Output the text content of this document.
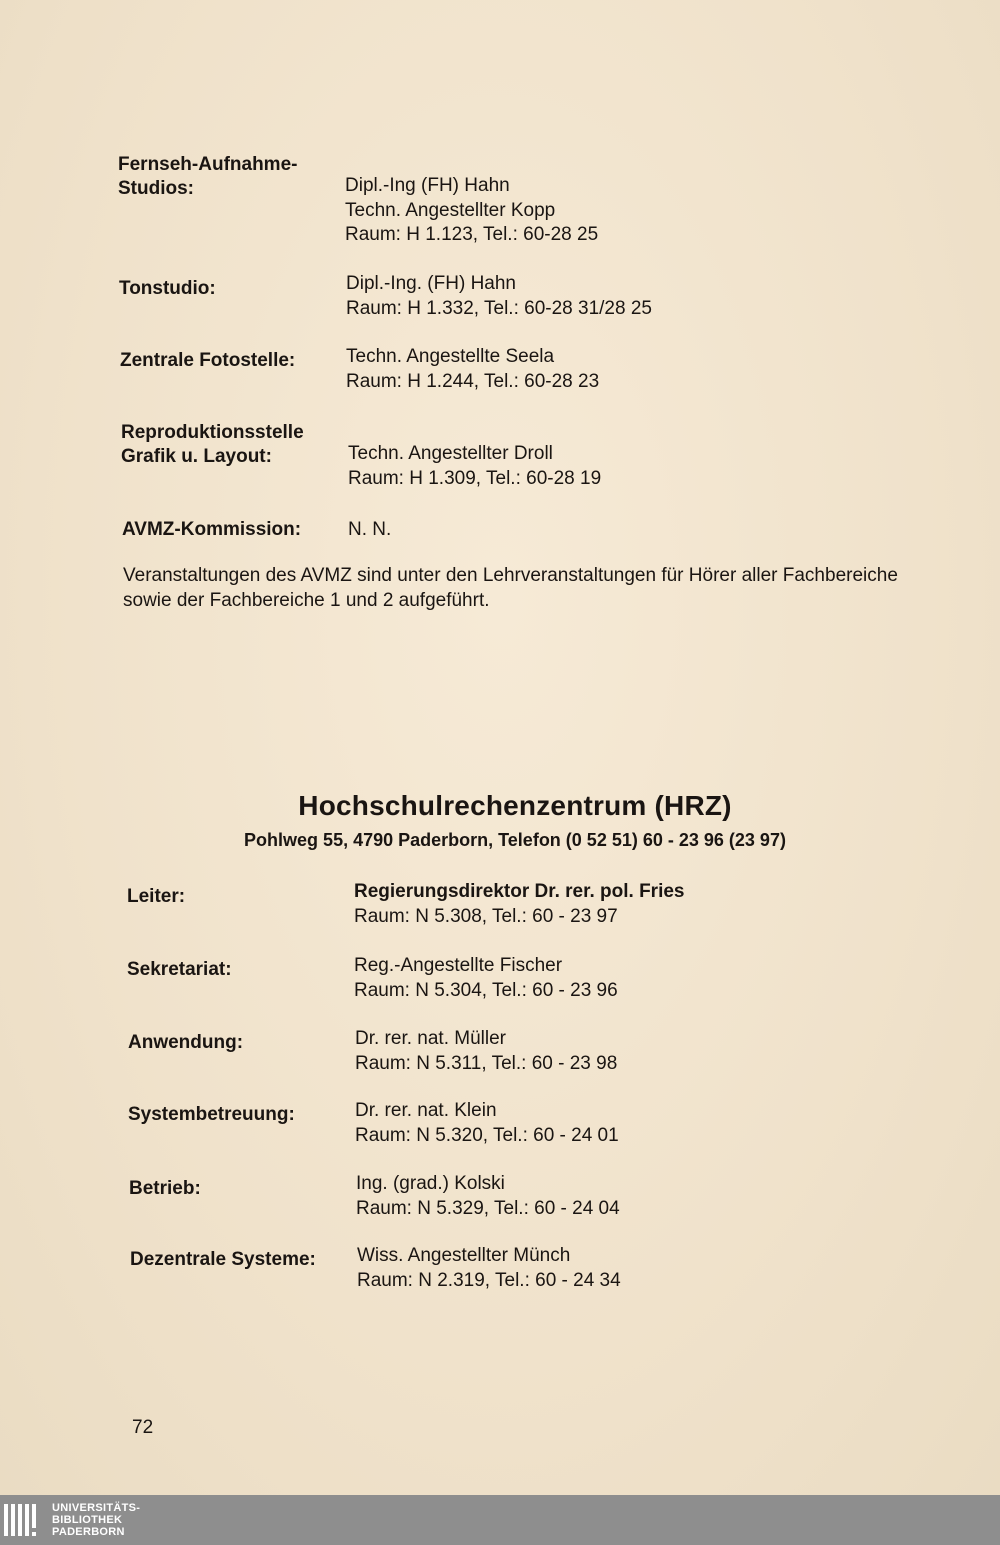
Fernseh-Aufnahme-
Studios:	Dipl.-Ing (FH) Hahn
Techn. Angestellter Kopp
Raum: H 1.123, Tel.: 60-28 25
Tonstudio:	Dipl.-Ing. (FH) Hahn
Raum: H 1.332, Tel.: 60-28 31/28 25
Zentrale Fotostelle:	Techn. Angestellte Seela
Raum: H 1.244, Tel.: 60-28 23
Reproduktionsstelle
Grafik u. Layout:	Techn. Angestellter Droll
Raum: H 1.309, Tel.: 60-28 19
AVMZ-Kommission: N. N.
Veranstaltungen des AVMZ sind unter den Lehrveranstaltungen für Hörer aller Fachbereiche sowie der Fachbereiche 1 und 2 aufgeführt.
Hochschulrechenzentrum (HRZ)
Pohlweg 55, 4790 Paderborn, Telefon (0 52 51) 60 - 23 96 (23 97)
Leiter:	Regierungsdirektor Dr. rer. pol. Fries
Raum: N 5.308, Tel.: 60 - 23 97
Sekretariat:	Reg.-Angestellte Fischer
Raum: N 5.304, Tel.: 60 - 23 96
Anwendung:	Dr. rer. nat. Müller
Raum: N 5.311, Tel.: 60 - 23 98
Systembetreuung:	Dr. rer. nat. Klein
Raum: N 5.320, Tel.: 60 - 24 01
Betrieb:	Ing. (grad.) Kolski
Raum: N 5.329, Tel.: 60 - 24 04
Dezentrale Systeme: Wiss. Angestellter Münch
Raum: N 2.319, Tel.: 60 - 24 34
72
UNIVERSITÄTS-
BIBLIOTHEK
PADERBORN
